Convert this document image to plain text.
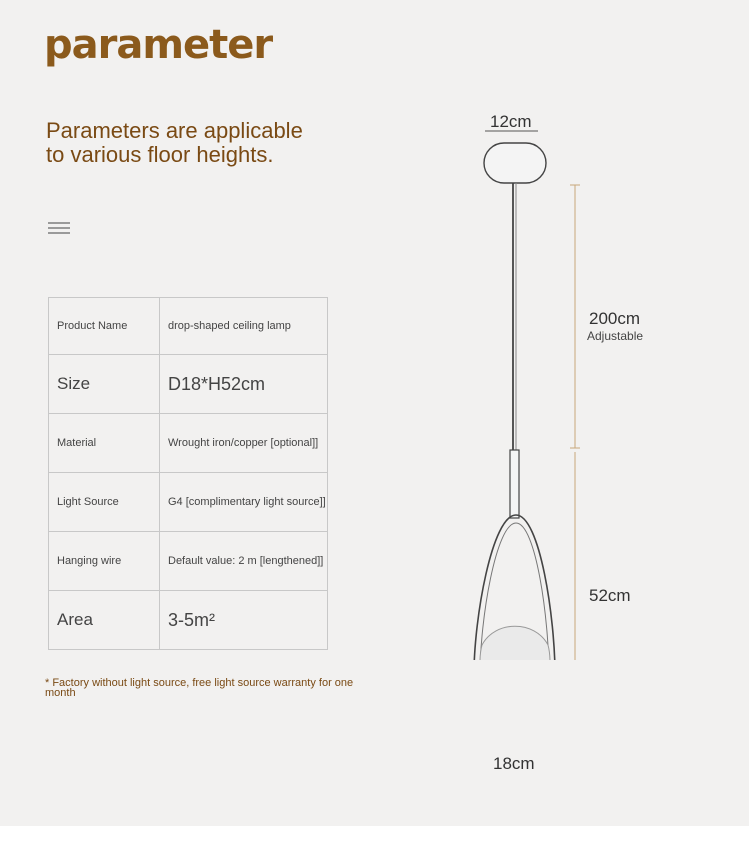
parameter
Parameters are applicable to various floor heights.
Product Name	drop-shaped ceiling lamp
Size	D18*H52cm
Material	Wrought iron/copper [optional]]
Light Source	G4 [complimentary light source]]
Hanging wire	Default value: 2 m [lengthened]]
Area	3-5m²
* Factory without light source, free light source warranty for one month
12cm
200cm
Adjustable
52cm
18cm
